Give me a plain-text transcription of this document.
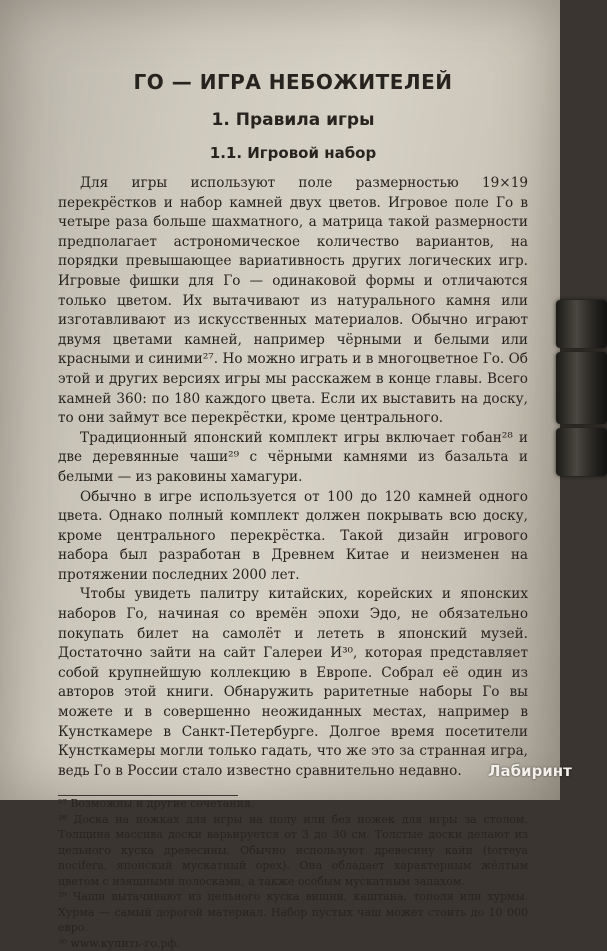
ГО — ИГРА НЕБОЖИТЕЛЕЙ
1. Правила игры
1.1. Игровой набор

Для игры используют поле размерностью 19×19 перекрёстков и набор камней двух цветов. Игровое поле Го в четыре раза больше шахматного, а матрица такой размерности предполагает астрономическое количество вариантов, на порядки превышающее вариативность других логических игр. Игровые фишки для Го — одинаковой формы и отличаются только цветом. Их вытачивают из натурального камня или изготавливают из искусственных материалов. Обычно играют двумя цветами камней, например чёрными и белыми или красными и синими²⁷. Но можно играть и в многоцветное Го. Об этой и других версиях игры мы расскажем в конце главы. Всего камней 360: по 180 каждого цвета. Если их выставить на доску, то они займут все перекрёстки, кроме центрального.

Традиционный японский комплект игры включает гобан²⁸ и две деревянные чаши²⁹ с чёрными камнями из базальта и белыми — из раковины хамагури.

Обычно в игре используется от 100 до 120 камней одного цвета. Однако полный комплект должен покрывать всю доску, кроме центрального перекрёстка. Такой дизайн игрового набора был разработан в Древнем Китае и неизменен на протяжении последних 2000 лет.

Чтобы увидеть палитру китайских, корейских и японских наборов Го, начиная со времён эпохи Эдо, не обязательно покупать билет на самолёт и лететь в японский музей. Достаточно зайти на сайт Галереи И³⁰, которая представляет собой крупнейшую коллекцию в Европе. Собрал её один из авторов этой книги. Обнаружить раритетные наборы Го вы можете и в совершенно неожиданных местах, например в Кунсткамере в Санкт-Петербурге. Долгое время посетители Кунсткамеры могли только гадать, что же это за странная игра, ведь Го в России стало известно сравнительно недавно.

²⁷ Возможны и другие сочетания.

²⁸ Доска на ножках для игры на полу или без ножек для игры за столом. Толщина массива доски варьируется от 3 до 30 см. Толстые доски делают из цельного куска древесины. Обычно используют древесину кайи (torreya nocifera, японский мускатный орех). Она обладает характерным жёлтым цветом с изящными полосками, а также особым мускатным запахом.

²⁹ Чаши вытачивают из цельного куска вишни, каштана, тополя или хурмы. Хурма — самый дорогой материал. Набор пустых чаш может стоить до 10 000 евро.

³⁰ www.купить-го.рф.

Лабиринт
